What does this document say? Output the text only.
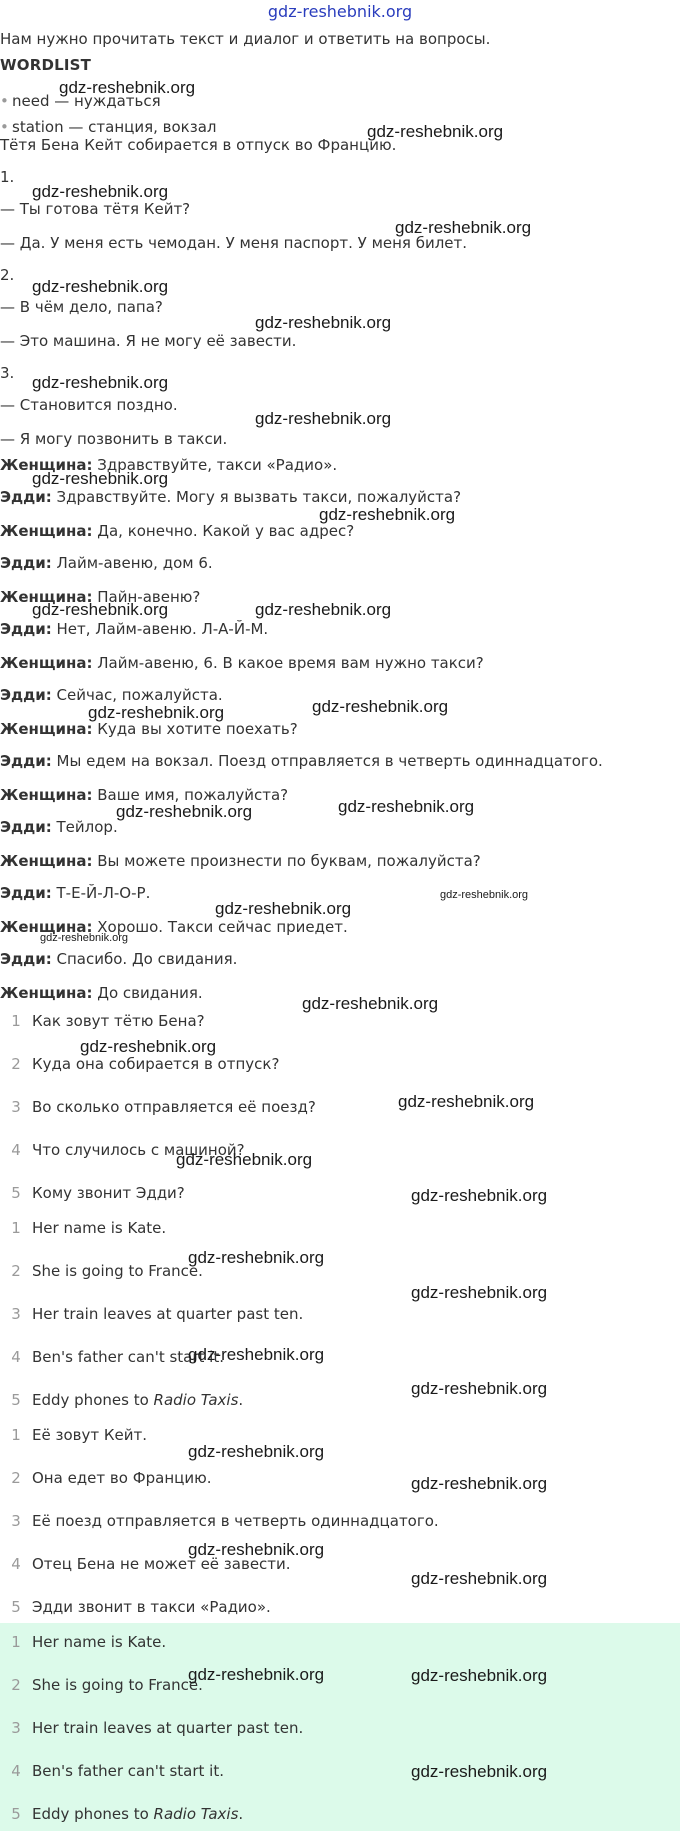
gdz-reshebnik.org
Нам нужно прочитать текст и диалог и ответить на вопросы.
WORDLIST
• need — нуждаться
• station — станция, вокзал
Тётя Бена Кейт собирается в отпуск во Францию.
1.
— Ты готова тётя Кейт?
— Да. У меня есть чемодан. У меня паспорт. У меня билет.
2.
— В чём дело, папа?
— Это машина. Я не могу её завести.
3.
— Становится поздно.
— Я могу позвонить в такси.
Женщина: Здравствуйте, такси «Радио».
Эдди: Здравствуйте. Могу я вызвать такси, пожалуйста?
Женщина: Да, конечно. Какой у вас адрес?
Эдди: Лайм-авеню, дом 6.
Женщина: Пайн-авеню?
Эдди: Нет, Лайм-авеню. Л-А-Й-М.
Женщина: Лайм-авеню, 6. В какое время вам нужно такси?
Эдди: Сейчас, пожалуйста.
Женщина: Куда вы хотите поехать?
Эдди: Мы едем на вокзал. Поезд отправляется в четверть одиннадцатого.
Женщина: Ваше имя, пожалуйста?
Эдди: Тейлор.
Женщина: Вы можете произнести по буквам, пожалуйста?
Эдди: Т-Е-Й-Л-О-Р.
Женщина: Хорошо. Такси сейчас приедет.
Эдди: Спасибо. До свидания.
Женщина: До свидания.
1 Как зовут тётю Бена?
2 Куда она собирается в отпуск?
3 Во сколько отправляется её поезд?
4 Что случилось с машиной?
5 Кому звонит Эдди?
1 Her name is Kate.
2 She is going to France.
3 Her train leaves at quarter past ten.
4 Ben's father can't start it.
5 Eddy phones to Radio Taxis.
1 Её зовут Кейт.
2 Она едет во Францию.
3 Её поезд отправляется в четверть одиннадцатого.
4 Отец Бена не может её завести.
5 Эдди звонит в такси «Радио».
1 Her name is Kate.
2 She is going to France.
3 Her train leaves at quarter past ten.
4 Ben's father can't start it.
5 Eddy phones to Radio Taxis.
gdz-reshebnik.org
gdz-reshebnik.org
gdz-reshebnik.org
gdz-reshebnik.org
gdz-reshebnik.org
gdz-reshebnik.org
gdz-reshebnik.org
gdz-reshebnik.org
gdz-reshebnik.org
gdz-reshebnik.org
gdz-reshebnik.org	gdz-reshebnik.org
gdz-reshebnik.org	gdz-reshebnik.org
gdz-reshebnik.org	gdz-reshebnik.org
gdz-reshebnik.org
gdz-reshebnik.org
gdz-reshebnik.org
gdz-reshebnik.org
gdz-reshebnik.org
gdz-reshebnik.org
gdz-reshebnik.org
gdz-reshebnik.org
gdz-reshebnik.org
gdz-reshebnik.org
gdz-reshebnik.org
gdz-reshebnik.org
gdz-reshebnik.org
gdz-reshebnik.org
gdz-reshebnik.org	gdz-reshebnik.org
gdz-reshebnik.org
gdz-reshebnik.org
gdz-reshebnik.org
